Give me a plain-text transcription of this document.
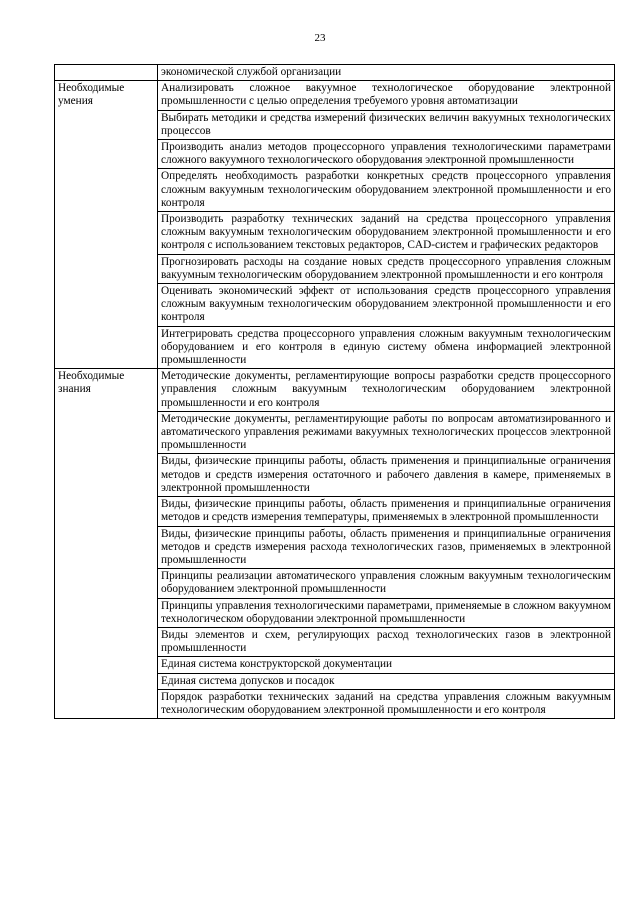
23
	экономической службой организации
Необходимые умения	Анализировать сложное вакуумное технологическое оборудование электронной промышленности с целью определения требуемого уровня автоматизации
	Выбирать методики и средства измерений физических величин вакуумных технологических процессов
	Производить анализ методов процессорного управления технологическими параметрами сложного вакуумного технологического оборудования электронной промышленности
	Определять необходимость разработки конкретных средств процессорного управления сложным вакуумным технологическим оборудованием электронной промышленности и его контроля
	Производить разработку технических заданий на средства процессорного управления сложным вакуумным технологическим оборудованием электронной промышленности и его контроля с использованием текстовых редакторов, CAD-систем и графических редакторов
	Прогнозировать расходы на создание новых средств процессорного управления сложным вакуумным технологическим оборудованием электронной промышленности и его контроля
	Оценивать экономический эффект от использования средств процессорного управления сложным вакуумным технологическим оборудованием электронной промышленности и его контроля
	Интегрировать средства процессорного управления сложным вакуумным технологическим оборудованием и его контроля в единую систему обмена информацией электронной промышленности
Необходимые знания	Методические документы, регламентирующие вопросы разработки средств процессорного управления сложным вакуумным технологическим оборудованием электронной промышленности и его контроля
	Методические документы, регламентирующие работы по вопросам автоматизированного и автоматического управления режимами вакуумных технологических процессов электронной промышленности
	Виды, физические принципы работы, область применения и принципиальные ограничения методов и средств измерения остаточного и рабочего давления в камере, применяемых в электронной промышленности
	Виды, физические принципы работы, область применения и принципиальные ограничения методов и средств измерения температуры, применяемых в электронной промышленности
	Виды, физические принципы работы, область применения и принципиальные ограничения методов и средств измерения расхода технологических газов, применяемых в электронной промышленности
	Принципы реализации автоматического управления сложным вакуумным технологическим оборудованием электронной промышленности
	Принципы управления технологическими параметрами, применяемые в сложном вакуумном технологическом оборудовании электронной промышленности
	Виды элементов и схем, регулирующих расход технологических газов в электронной промышленности
	Единая система конструкторской документации
	Единая система допусков и посадок
	Порядок разработки технических заданий на средства управления сложным вакуумным технологическим оборудованием электронной промышленности и его контроля
